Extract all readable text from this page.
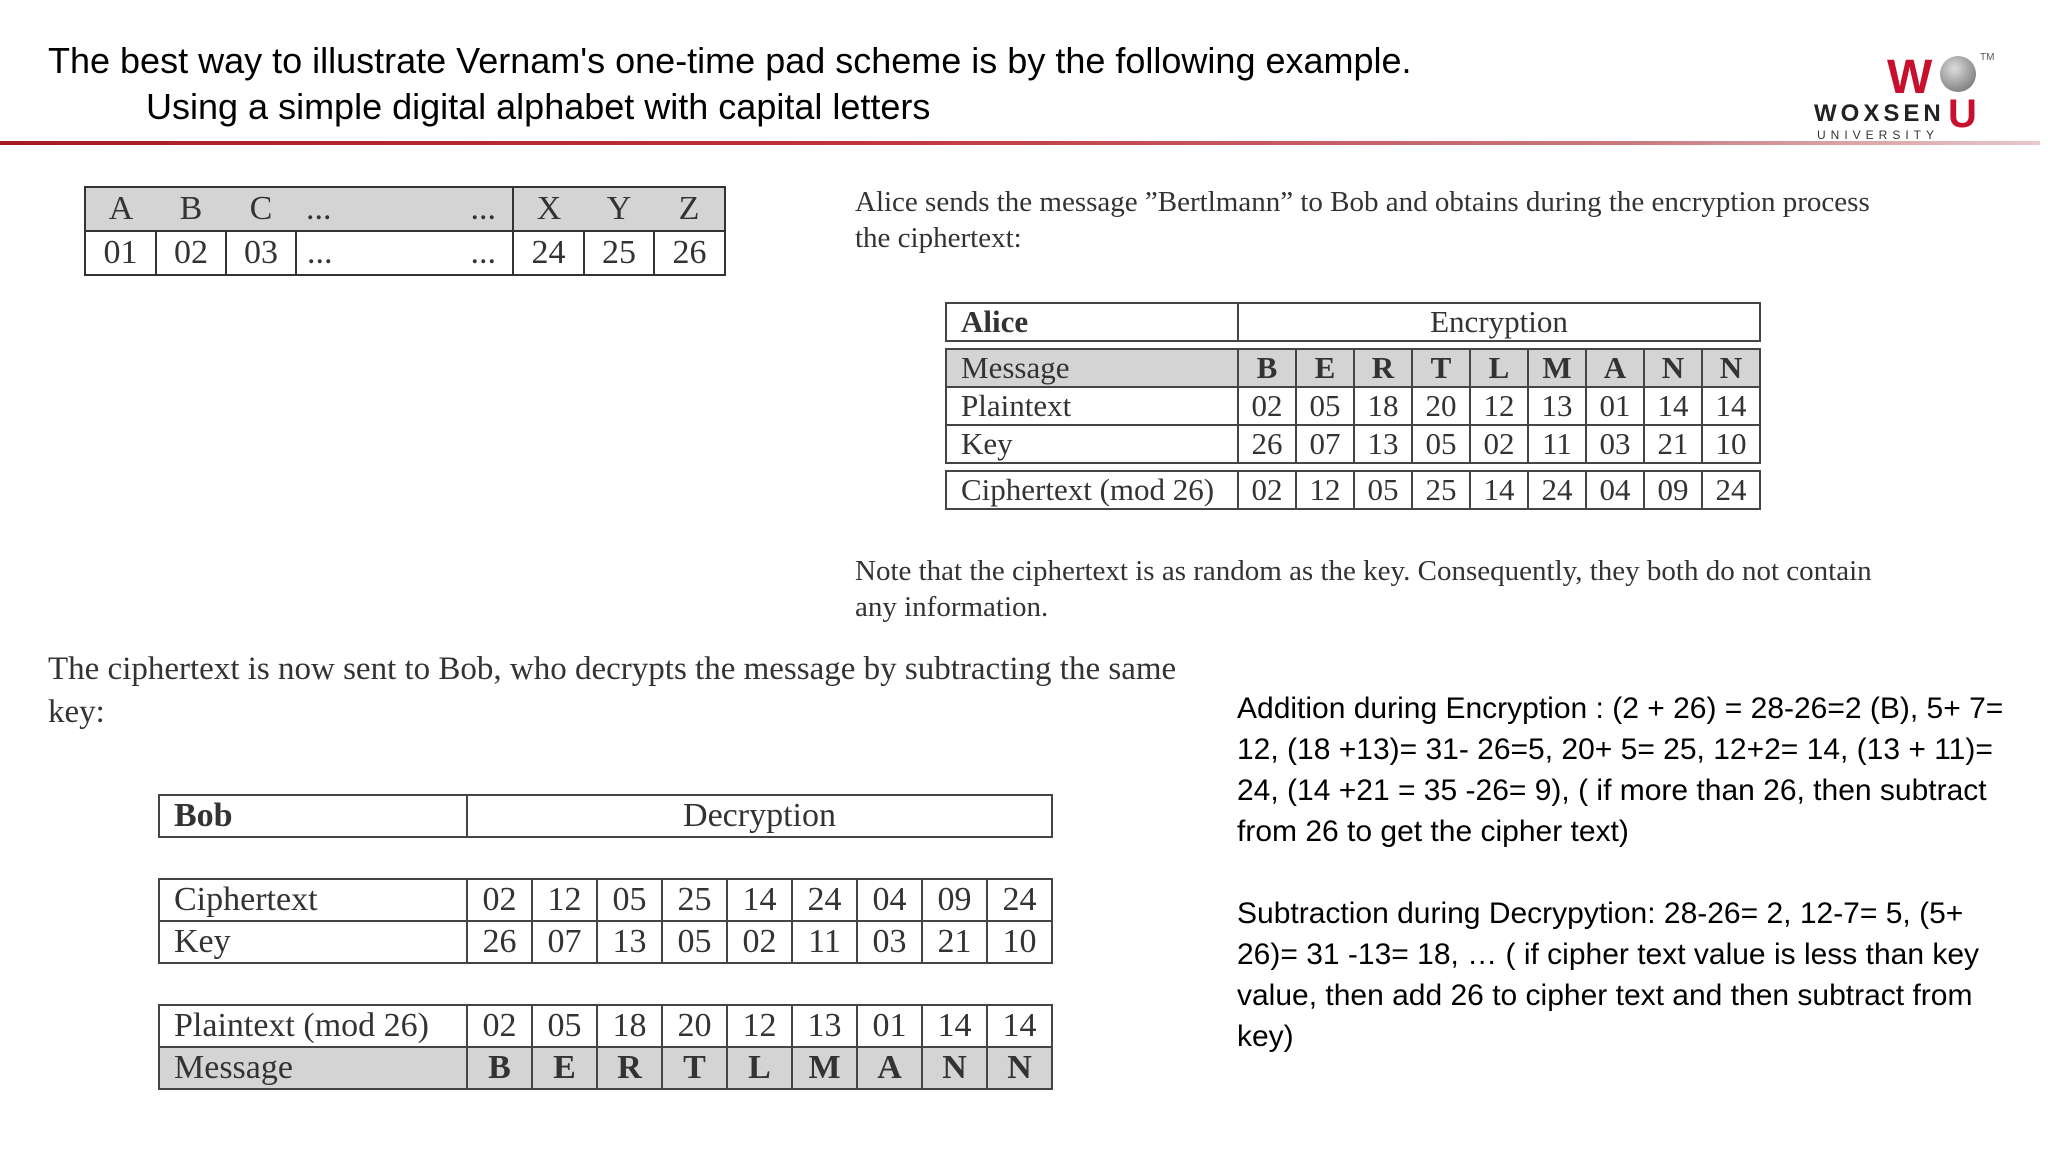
The best way to illustrate Vernam's one-time pad scheme is by the following example.
Using a simple digital alphabet with capital letters
W	TM
WOXSEN U
UNIVERSITY
A	B	C	...	...	X	Y	Z
01	02	03	...	...	24	25	26
Alice sends the message ”Bertlmann” to Bob and obtains during the encryption process the ciphertext:
Alice	Encryption								

Message	B	E	R	T	L	M	A	N	N
Plaintext	02	05	18	20	12	13	01	14	14
Key	26	07	13	05	02	11	03	21	10

Ciphertext (mod 26)	02	12	05	25	14	24	04	09	24
Note that the ciphertext is as random as the key. Consequently, they both do not contain any information.
The ciphertext is now sent to Bob, who decrypts the message by subtracting the same key:
Bob	Decryption								

Ciphertext	02	12	05	25	14	24	04	09	24
Key	26	07	13	05	02	11	03	21	10

Plaintext (mod 26)	02	05	18	20	12	13	01	14	14
Message	B	E	R	T	L	M	A	N	N

Addition during Encryption : (2 + 26) = 28-26=2 (B), 5+ 7= 12, (18 +13)= 31- 26=5, 20+ 5= 25, 12+2= 14, (13 + 11)= 24, (14 +21 = 35 -26= 9), ( if more than 26, then subtract from 26 to get the cipher text)
Subtraction during Decrypytion: 28-26= 2, 12-7= 5, (5+ 26)= 31 -13= 18, … ( if cipher text value is less than key value, then add 26 to cipher text and then subtract from key)
